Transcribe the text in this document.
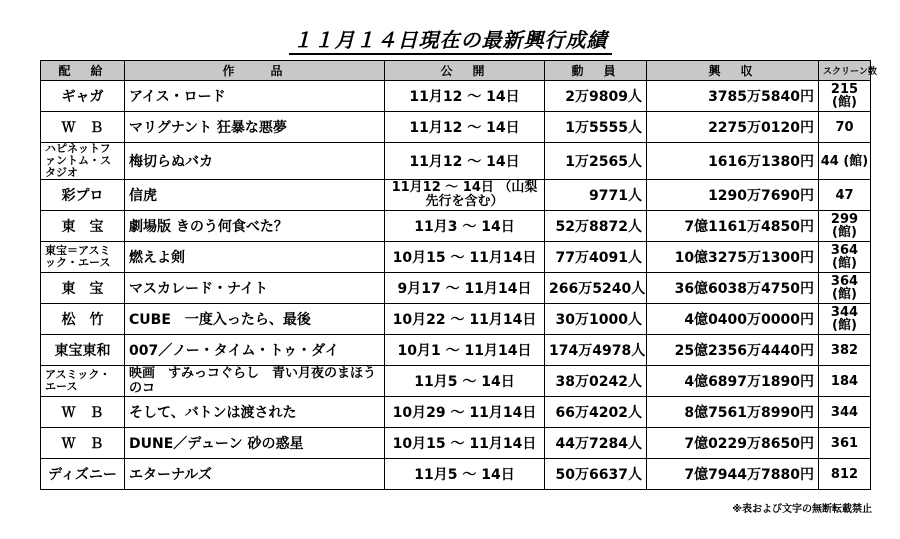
１１月１４日現在の最新興行成績
配　給	作　　品	公　開	動　員	興　収	スクリーン数
ギャガ	アイス・ロード	11月12 ～ 14日	2万9809人	3785万5840円	215 (館)
Ｗ　Ｂ	マリグナント 狂暴な悪夢	11月12 ～ 14日	1万5555人	2275万0120円	70
ハピネットファントム・スタジオ	梅切らぬバカ	11月12 ～ 14日	1万2565人	1616万1380円	44 (館)
彩プロ	信虎	11月12 ～ 14日 （山梨先行を含む）	9771人	1290万7690円	47
東　宝	劇場版 きのう何食べた？	11月3 ～ 14日	52万8872人	7億1161万4850円	299 (館)
東宝＝アスミック・エース	燃えよ剣	10月15 ～ 11月14日	77万4091人	10億3275万1300円	364 (館)
東　宝	マスカレード・ナイト	9月17 ～ 11月14日	266万5240人	36億6038万4750円	364 (館)
松　竹	CUBE　一度入ったら、最後	10月22 ～ 11月14日	30万1000人	4億0400万0000円	344 (館)
東宝東和	007／ノー・タイム・トゥ・ダイ	10月1 ～ 11月14日	174万4978人	25億2356万4440円	382
アスミック・エース	映画　すみっコぐらし　青い月夜のまほうのコ	11月5 ～ 14日	38万0242人	4億6897万1890円	184
Ｗ　Ｂ	そして、バトンは渡された	10月29 ～ 11月14日	66万4202人	8億7561万8990円	344
Ｗ　Ｂ	DUNE／デューン 砂の惑星	10月15 ～ 11月14日	44万7284人	7億0229万8650円	361
ディズニー	エターナルズ	11月5 ～ 14日	50万6637人	7億7944万7880円	812
※表および文字の無断転載禁止
